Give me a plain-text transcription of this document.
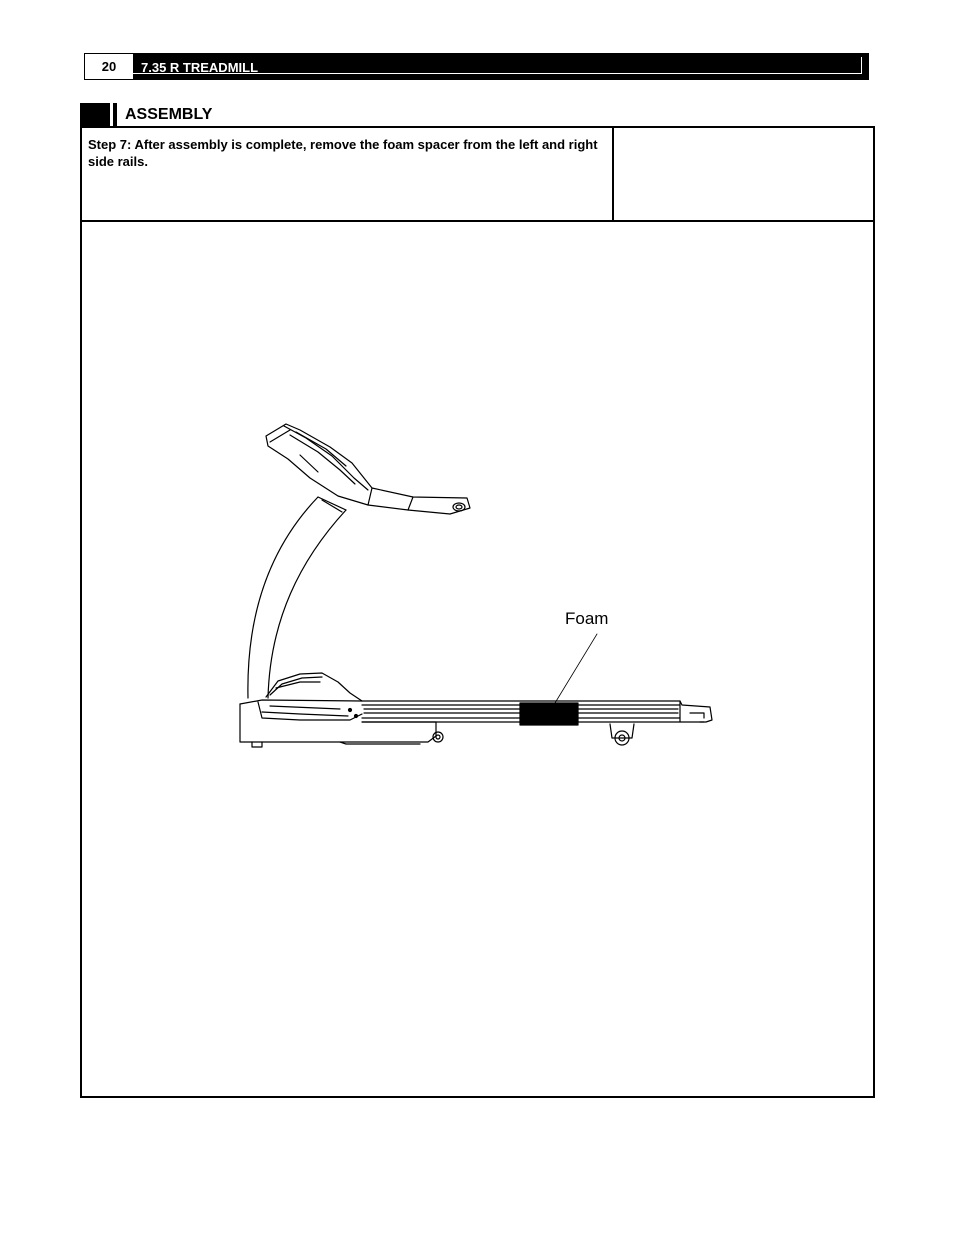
20	7.35 R TREADMILL
ASSEMBLY
Step 7: After assembly is complete, remove the foam spacer from the left and right side rails.
Foam
